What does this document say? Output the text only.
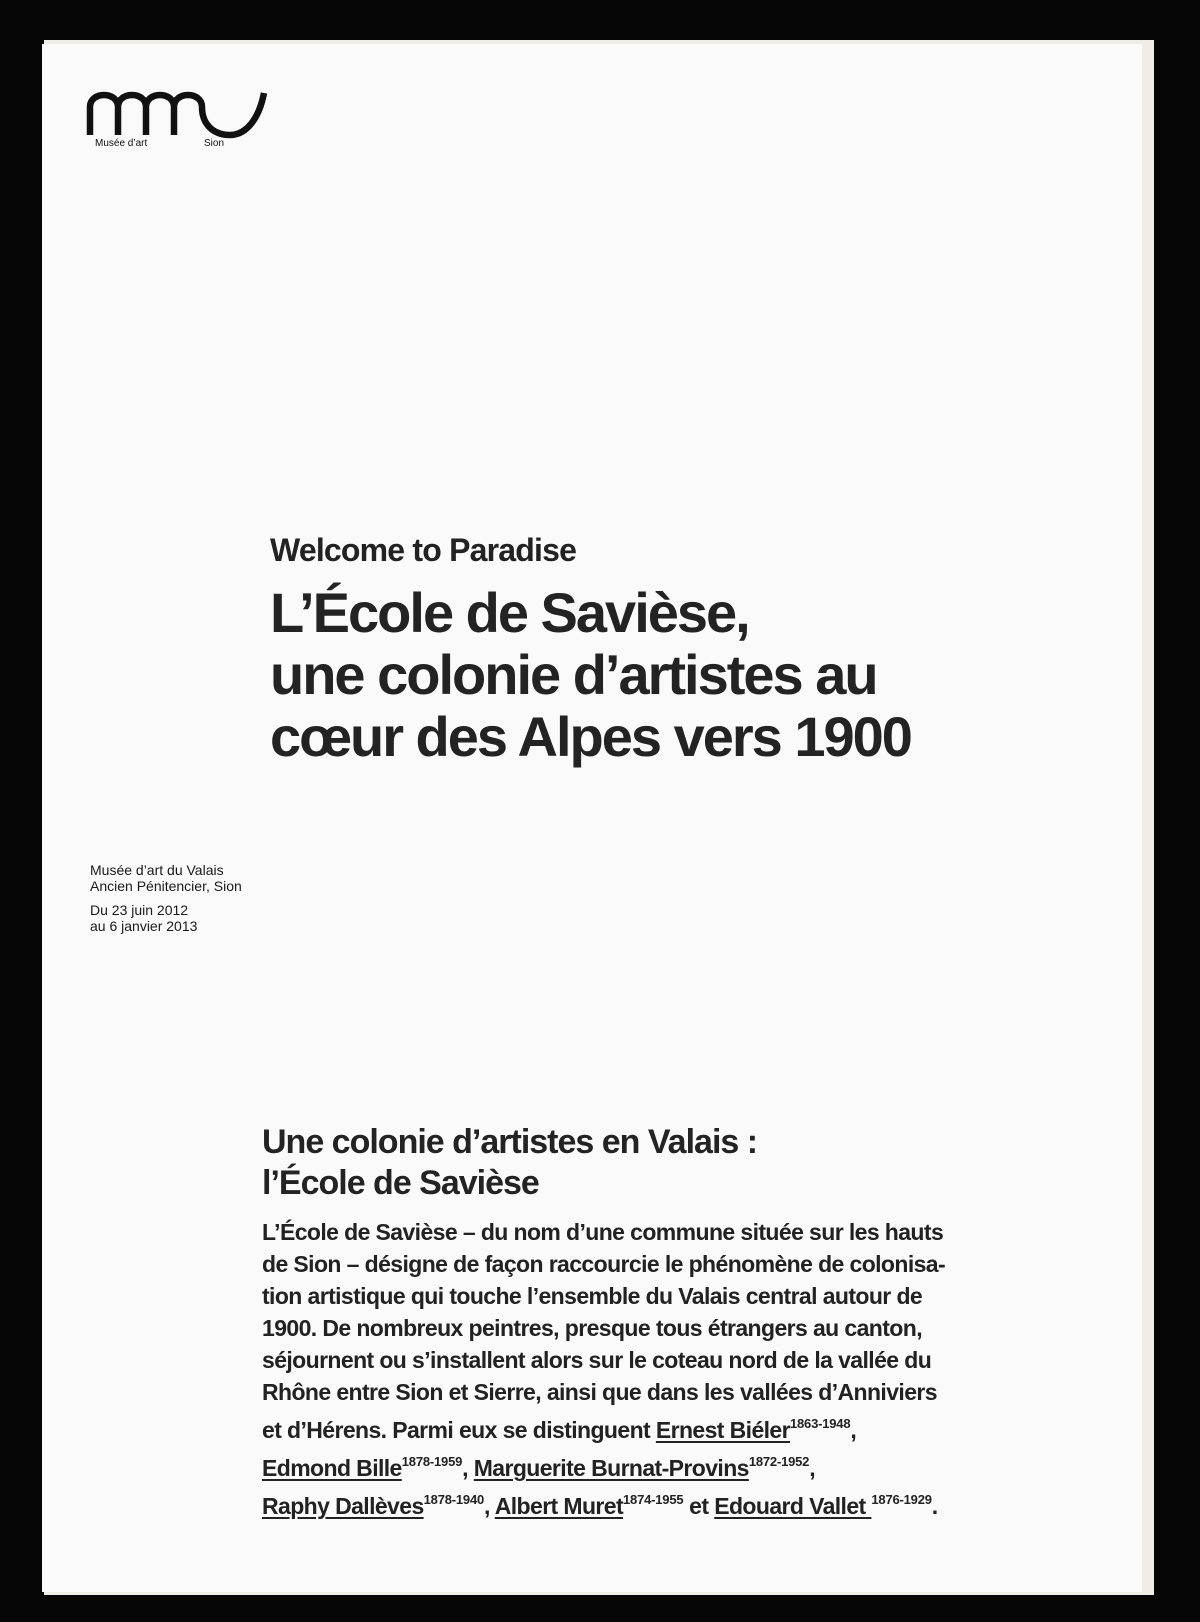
Musée d’art	Sion
Welcome to Paradise
L’École de Savièse,
une colonie d’artistes au
cœur des Alpes vers 1900
Musée d’art du Valais
Ancien Pénitencier, Sion
Du 23 juin 2012
au 6 janvier 2013
Une colonie d’artistes en Valais :
l’École de Savièse
L’École de Savièse – du nom d’une commune située sur les hauts
de Sion – désigne de façon raccourcie le phénomène de colonisa-
tion artistique qui touche l’ensemble du Valais central autour de
1900. De nombreux peintres, presque tous étrangers au canton,
séjournent ou s’installent alors sur le coteau nord de la vallée du
Rhône entre Sion et Sierre, ainsi que dans les vallées d’Anniviers
et d’Hérens. Parmi eux se distinguent Ernest Biéler$^{1863-1948}$,
Edmond Bille$^{1878-1959}$, Marguerite Burnat-Provins$^{1872-1952}$,
Raphy Dallèves$^{1878-1940}$, Albert Muret$^{1874-1955}$ et Edouard Vallet $^{1876-1929}$.
